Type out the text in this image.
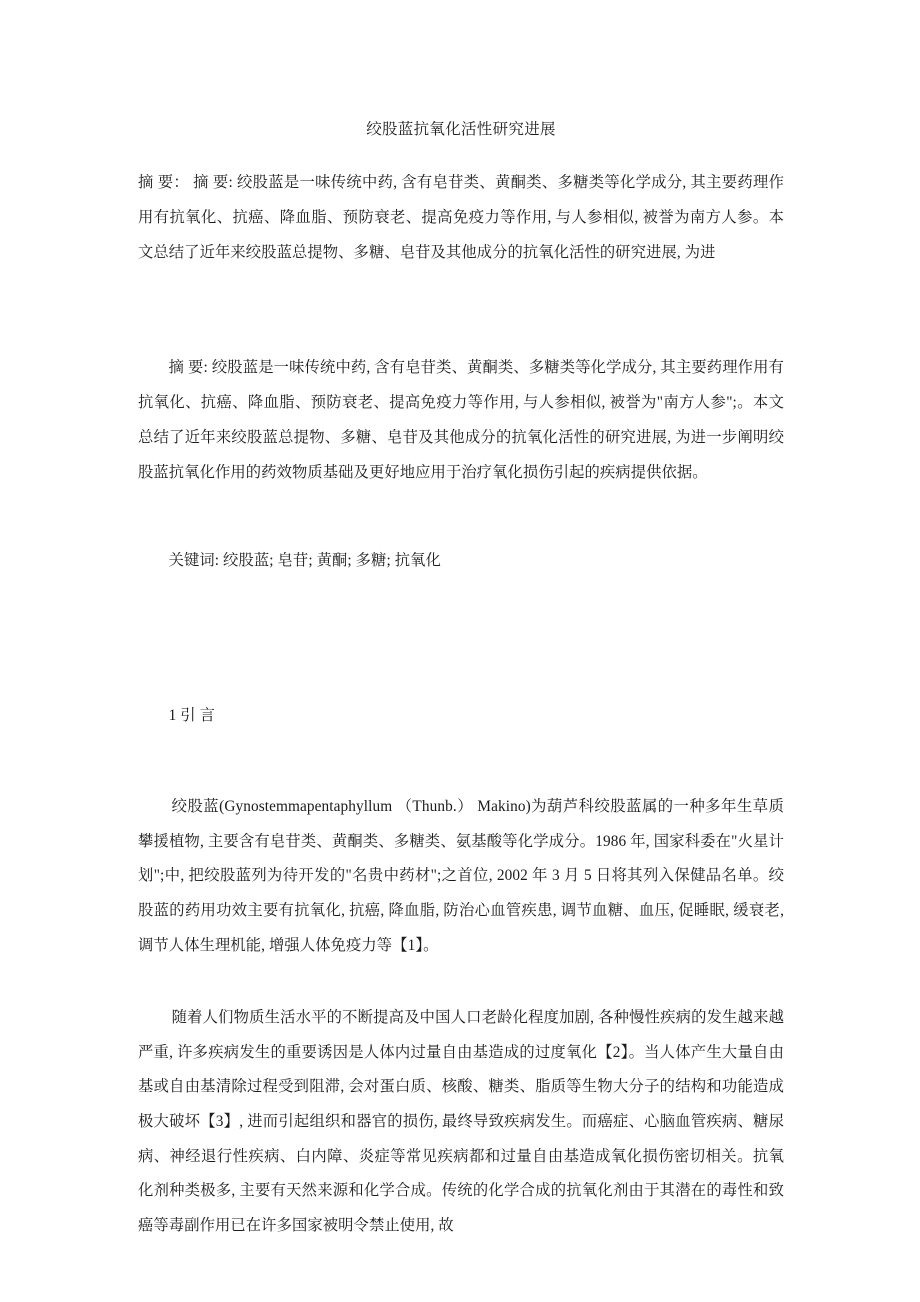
绞股蓝抗氧化活性研究进展

摘 要： 摘 要: 绞股蓝是一味传统中药, 含有皂苷类、黄酮类、多糖类等化学成分, 其主要药理作用有抗氧化、抗癌、降血脂、预防衰老、提高免疫力等作用, 与人参相似, 被誉为南方人参。本文总结了近年来绞股蓝总提物、多糖、皂苷及其他成分的抗氧化活性的研究进展, 为进

摘 要: 绞股蓝是一味传统中药, 含有皂苷类、黄酮类、多糖类等化学成分, 其主要药理作用有抗氧化、抗癌、降血脂、预防衰老、提高免疫力等作用, 与人参相似, 被誉为"南方人参";。本文总结了近年来绞股蓝总提物、多糖、皂苷及其他成分的抗氧化活性的研究进展, 为进一步阐明绞股蓝抗氧化作用的药效物质基础及更好地应用于治疗氧化损伤引起的疾病提供依据。

关键词: 绞股蓝; 皂苷; 黄酮; 多糖; 抗氧化

1 引 言

绞股蓝(Gynostemmapentaphyllum （Thunb.） Makino)为葫芦科绞股蓝属的一种多年生草质攀援植物, 主要含有皂苷类、黄酮类、多糖类、氨基酸等化学成分。1986 年, 国家科委在"火星计划";中, 把绞股蓝列为待开发的"名贵中药材";之首位, 2002 年 3 月 5 日将其列入保健品名单。绞股蓝的药用功效主要有抗氧化, 抗癌, 降血脂, 防治心血管疾患, 调节血糖、血压, 促睡眠, 缓衰老, 调节人体生理机能, 增强人体免疫力等【1】。

随着人们物质生活水平的不断提高及中国人口老龄化程度加剧, 各种慢性疾病的发生越来越严重, 许多疾病发生的重要诱因是人体内过量自由基造成的过度氧化【2】。当人体产生大量自由基或自由基清除过程受到阻滞, 会对蛋白质、核酸、糖类、脂质等生物大分子的结构和功能造成极大破坏【3】, 进而引起组织和器官的损伤, 最终导致疾病发生。而癌症、心脑血管疾病、糖尿病、神经退行性疾病、白内障、炎症等常见疾病都和过量自由基造成氧化损伤密切相关。抗氧化剂种类极多, 主要有天然来源和化学合成。传统的化学合成的抗氧化剂由于其潜在的毒性和致癌等毒副作用已在许多国家被明令禁止使用, 故
